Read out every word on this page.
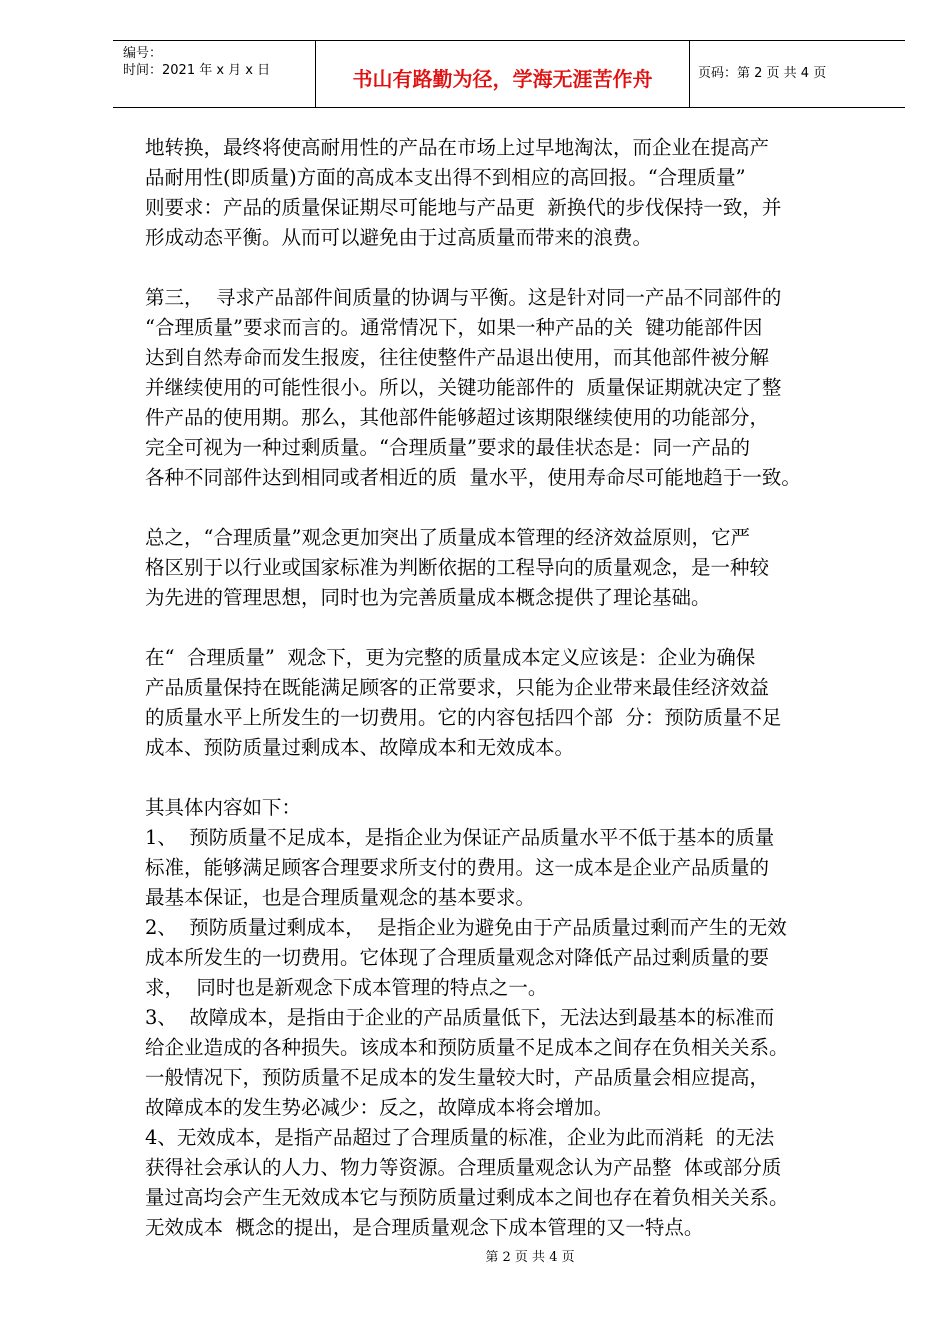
编号：
时间：2021 年 x 月 x 日	书山有路勤为径，学海无涯苦作舟	页码：第 2 页 共 4 页
地转换，最终将使高耐用性的产品在市场上过早地淘汰，而企业在提高产
品耐用性(即质量)方面的高成本支出得不到相应的高回报。“合理质量”
则要求：产品的质量保证期尽可能地与产品更  新换代的步伐保持一致，并
形成动态平衡。从而可以避免由于过高质量而带来的浪费。
第三，  寻求产品部件间质量的协调与平衡。这是针对同一产品不同部件的
“合理质量”要求而言的。通常情况下，如果一种产品的关  键功能部件因
达到自然寿命而发生报废，往往使整件产品退出使用，而其他部件被分解
并继续使用的可能性很小。所以，关键功能部件的  质量保证期就决定了整
件产品的使用期。那么，其他部件能够超过该期限继续使用的功能部分，
完全可视为一种过剩质量。“合理质量”要求的最佳状态是：同一产品的
各种不同部件达到相同或者相近的质  量水平，使用寿命尽可能地趋于一致。
总之，“合理质量”观念更加突出了质量成本管理的经济效益原则，它严
格区别于以行业或国家标准为判断依据的工程导向的质量观念，是一种较
为先进的管理思想，同时也为完善质量成本概念提供了理论基础。
在“  合理质量”  观念下，更为完整的质量成本定义应该是：企业为确保
产品质量保持在既能满足顾客的正常要求，只能为企业带来最佳经济效益
的质量水平上所发生的一切费用。它的内容包括四个部  分：预防质量不足
成本、预防质量过剩成本、故障成本和无效成本。
其具体内容如下：
1、  预防质量不足成本，是指企业为保证产品质量水平不低于基本的质量
标准，能够满足顾客合理要求所支付的费用。这一成本是企业产品质量的
最基本保证，也是合理质量观念的基本要求。
2、  预防质量过剩成本，  是指企业为避免由于产品质量过剩而产生的无效
成本所发生的一切费用。它体现了合理质量观念对降低产品过剩质量的要
求，  同时也是新观念下成本管理的特点之一。
3、  故障成本，是指由于企业的产品质量低下，无法达到最基本的标准而
给企业造成的各种损失。该成本和预防质量不足成本之间存在负相关关系。
一般情况下，预防质量不足成本的发生量较大时，产品质量会相应提高，
故障成本的发生势必减少：反之，故障成本将会增加。
4、无效成本，是指产品超过了合理质量的标准，企业为此而消耗  的无法
获得社会承认的人力、物力等资源。合理质量观念认为产品整  体或部分质
量过高均会产生无效成本它与预防质量过剩成本之间也存在着负相关关系。
无效成本  概念的提出，是合理质量观念下成本管理的又一特点。
第 2 页 共 4 页
